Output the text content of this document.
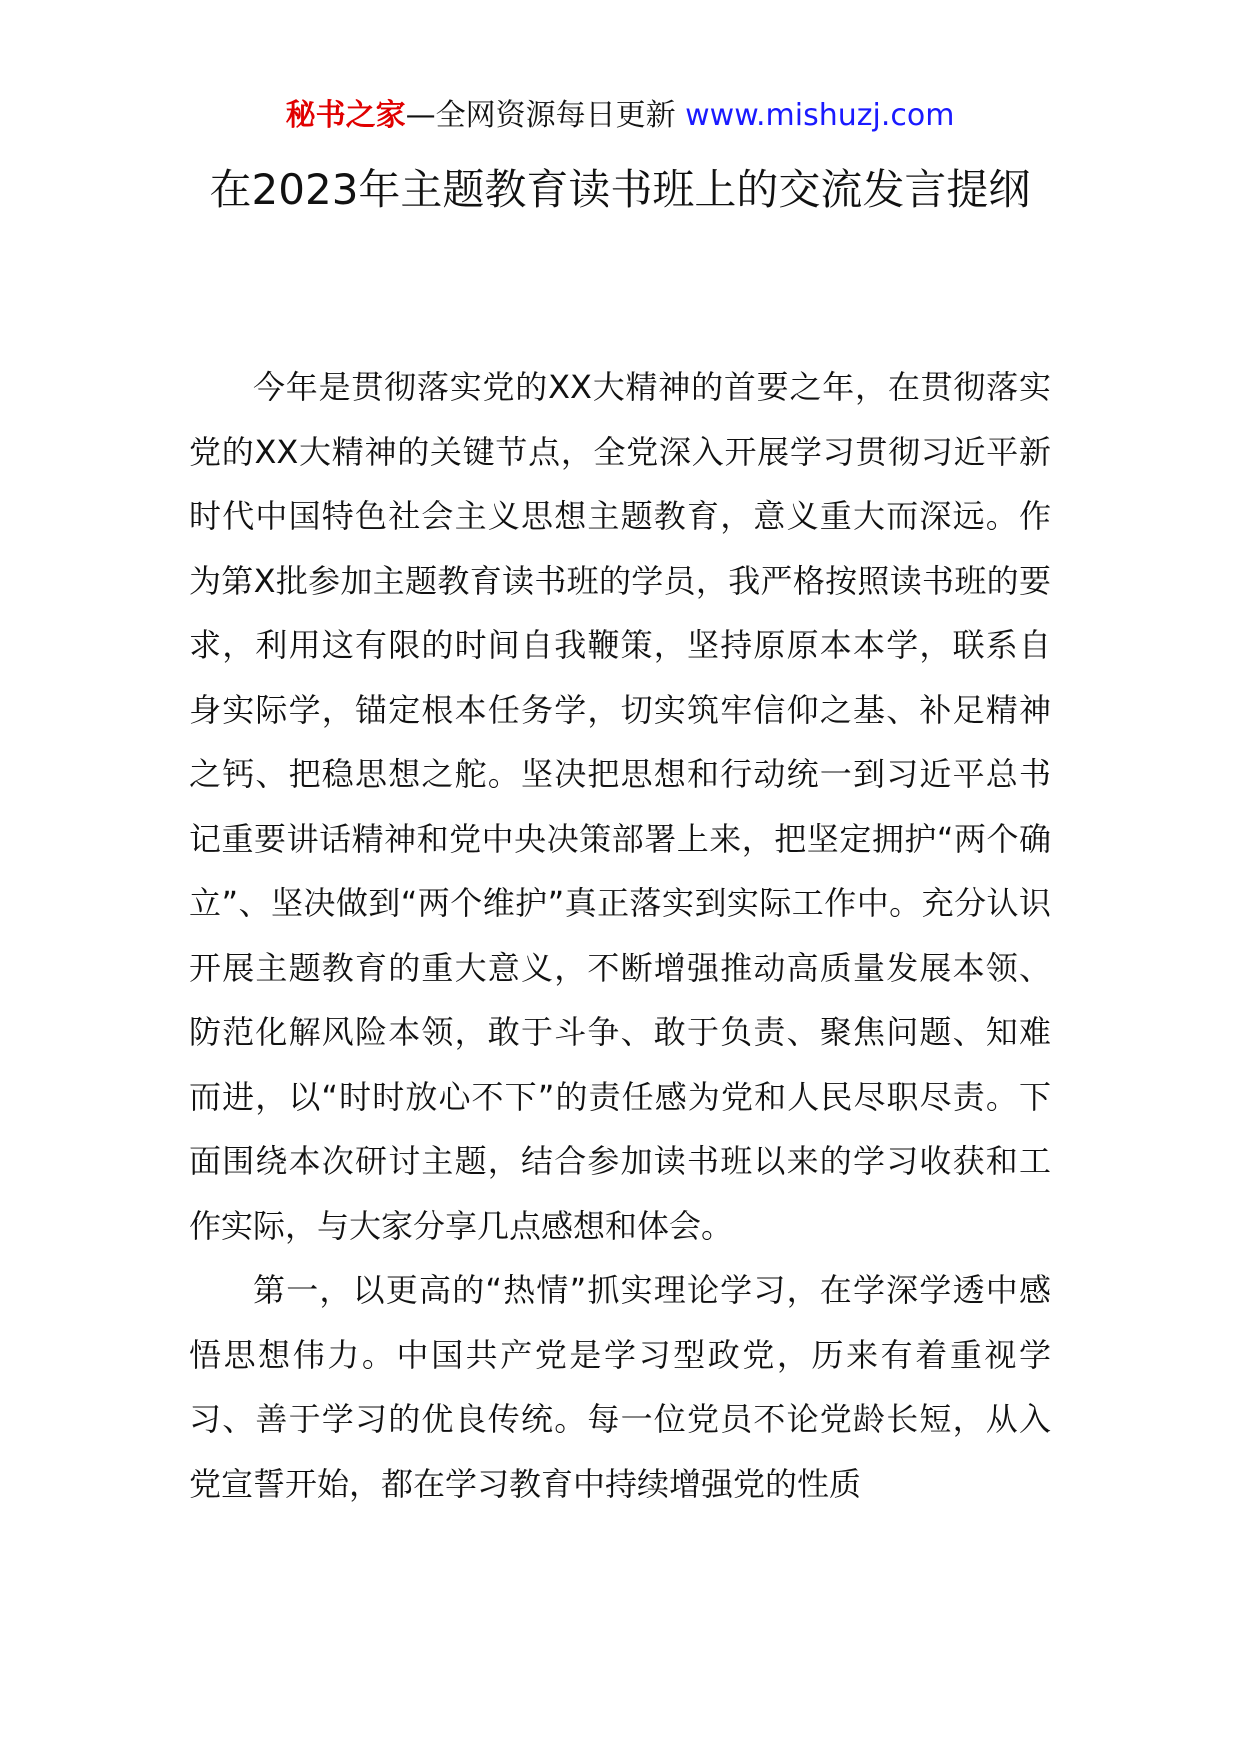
秘书之家—全网资源每日更新 www.mishuzj.com
在2023年主题教育读书班上的交流发言提纲

今年是贯彻落实党的XX大精神的首要之年，在贯彻落实党的XX大精神的关键节点，全党深入开展学习贯彻习近平新时代中国特色社会主义思想主题教育，意义重大而深远。作为第X批参加主题教育读书班的学员，我严格按照读书班的要求，利用这有限的时间自我鞭策，坚持原原本本学，联系自身实际学，锚定根本任务学，切实筑牢信仰之基、补足精神之钙、把稳思想之舵。坚决把思想和行动统一到习近平总书记重要讲话精神和党中央决策部署上来，把坚定拥护“两个确立”、坚决做到“两个维护”真正落实到实际工作中。充分认识开展主题教育的重大意义，不断增强推动高质量发展本领、防范化解风险本领，敢于斗争、敢于负责、聚焦问题、知难而进，以“时时放心不下”的责任感为党和人民尽职尽责。下面围绕本次研讨主题，结合参加读书班以来的学习收获和工作实际，与大家分享几点感想和体会。

第一，以更高的“热情”抓实理论学习，在学深学透中感悟思想伟力。中国共产党是学习型政党，历来有着重视学习、善于学习的优良传统。每一位党员不论党龄长短，从入党宣誓开始，都在学习教育中持续增强党的性质
